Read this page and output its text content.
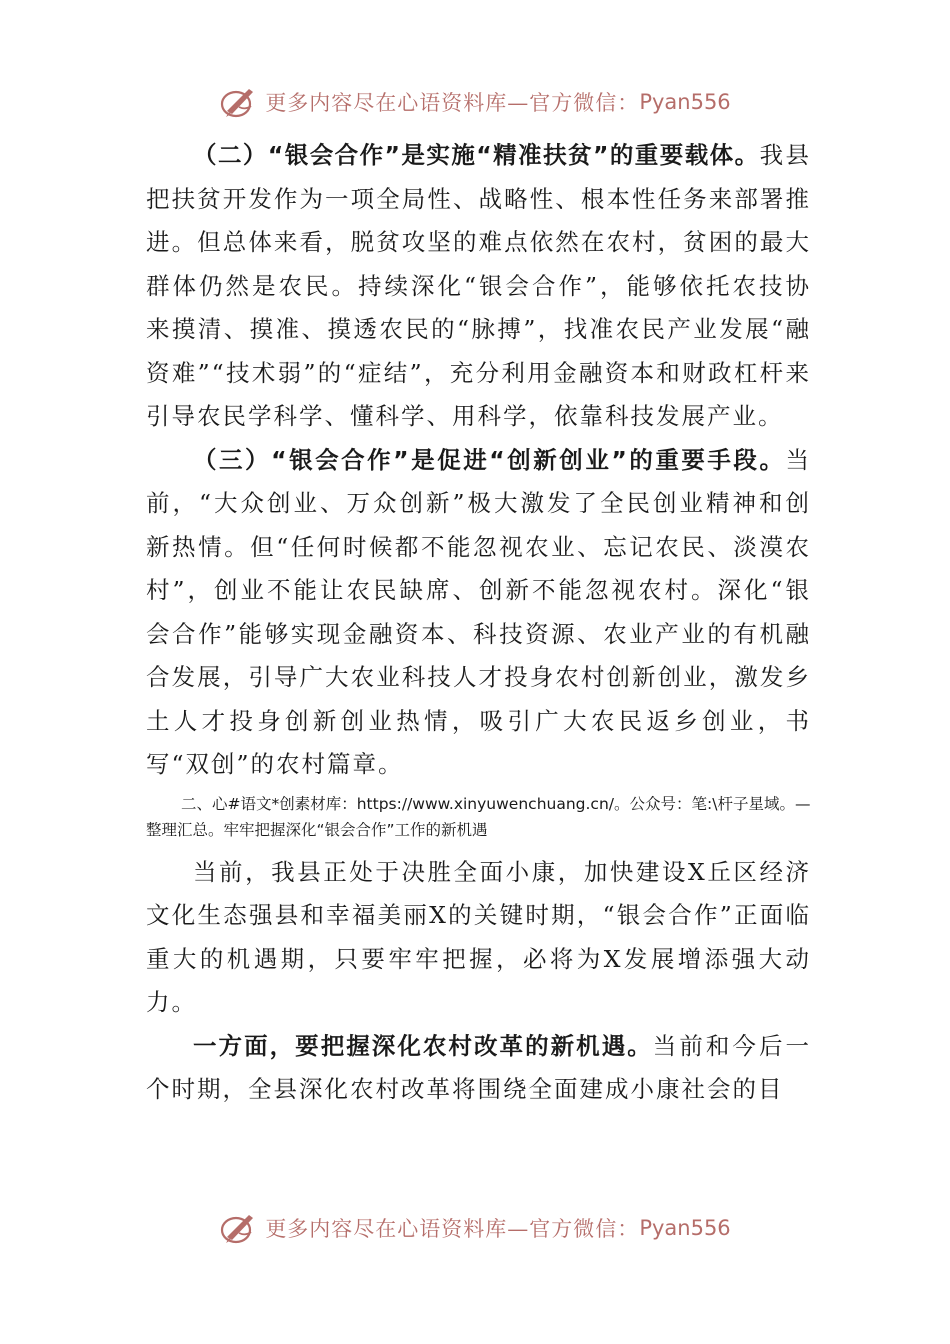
更多内容尽在心语资料库—官方微信： Pyan556

（二）“银会合作”是实施“精准扶贫”的重要载体。我县把扶贫开发作为一项全局性、战略性、根本性任务来部署推进。但总体来看，脱贫攻坚的难点依然在农村，贫困的最大群体仍然是农民。持续深化“银会合作”，能够依托农技协来摸清、摸准、摸透农民的“脉搏”，找准农民产业发展“融资难”“技术弱”的“症结”，充分利用金融资本和财政杠杆来引导农民学科学、懂科学、用科学，依靠科技发展产业。

（三）“银会合作”是促进“创新创业”的重要手段。当前，“大众创业、万众创新”极大激发了全民创业精神和创新热情。但“任何时候都不能忽视农业、忘记农民、淡漠农村”，创业不能让农民缺席、创新不能忽视农村。深化“银会合作”能够实现金融资本、科技资源、农业产业的有机融合发展，引导广大农业科技人才投身农村创新创业，激发乡土人才投身创新创业热情，吸引广大农民返乡创业，书写“双创”的农村篇章。

二、心#语文*创素材库：https://www.xinyuwenchuang.cn/。公众号：笔:\杆子星域。—整理汇总。牢牢把握深化“银会合作”工作的新机遇

当前，我县正处于决胜全面小康，加快建设X丘区经济文化生态强县和幸福美丽X的关键时期，“银会合作”正面临重大的机遇期，只要牢牢把握，必将为X发展增添强大动力。

一方面，要把握深化农村改革的新机遇。当前和今后一个时期，全县深化农村改革将围绕全面建成小康社会的目

更多内容尽在心语资料库—官方微信： Pyan556
